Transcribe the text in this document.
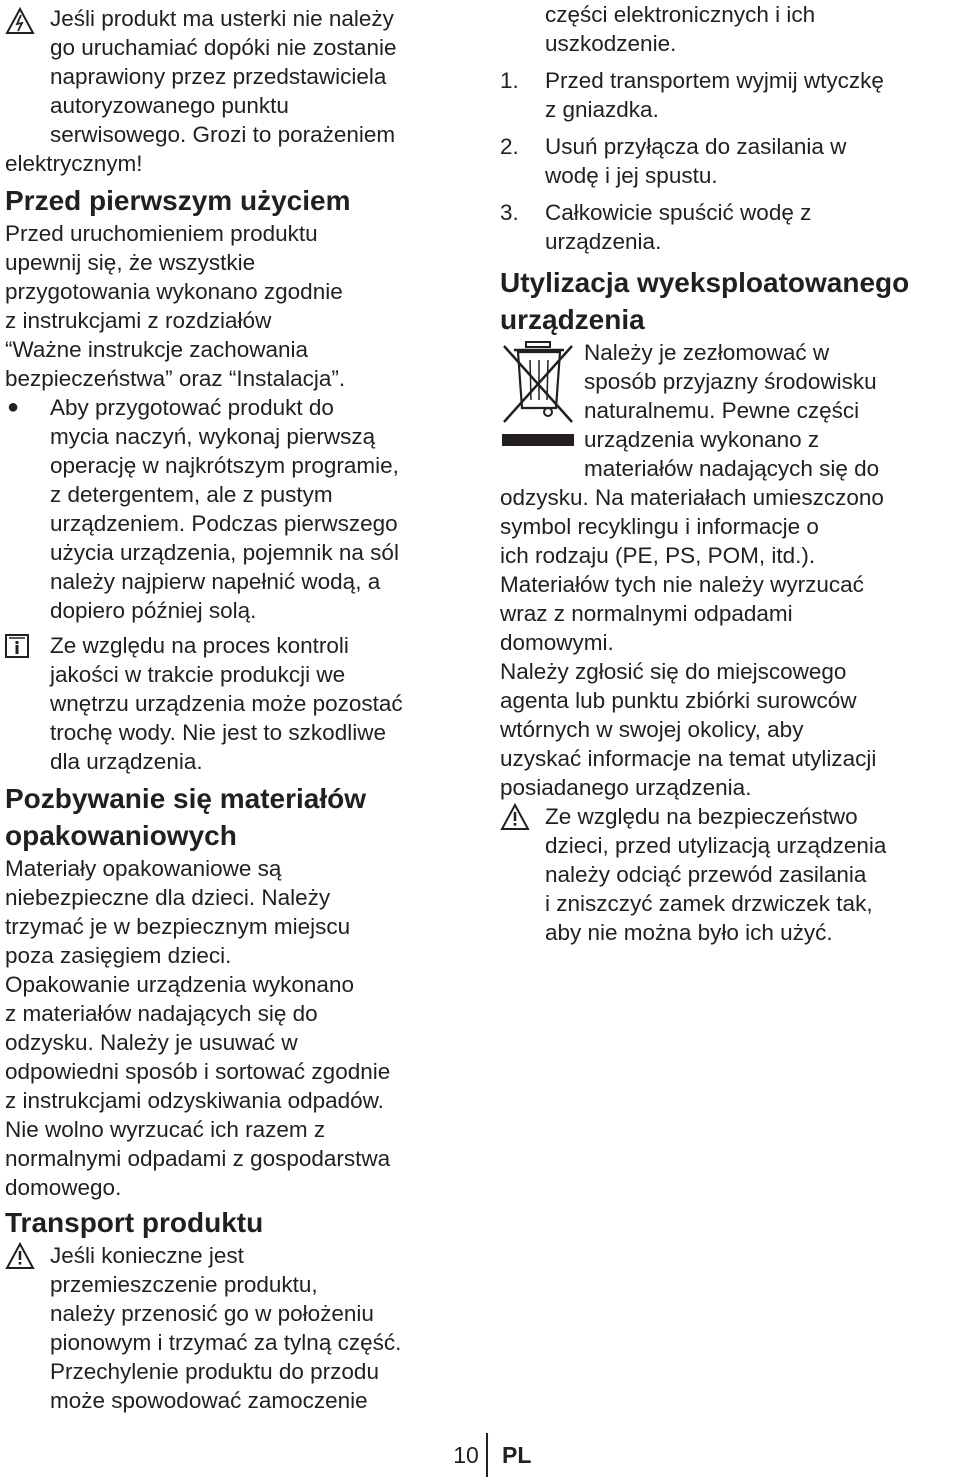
Jeśli produkt ma usterki nie należy

go uruchamiać dopóki nie zostanie

naprawiony przez przedstawiciela

autoryzowanego punktu

serwisowego. Grozi to porażeniem

elektrycznym!

Przed pierwszym użyciem

Przed uruchomieniem produktu

upewnij się, że wszystkie

przygotowania wykonano zgodnie

z instrukcjami z rozdziałów

“Ważne instrukcje zachowania

bezpieczeństwa” oraz “Instalacja”.

●	Aby przygotować produkt do

mycia naczyń, wykonaj pierwszą

operację w najkrótszym programie,

z detergentem, ale z pustym

urządzeniem. Podczas pierwszego

użycia urządzenia, pojemnik na sól

należy najpierw napełnić wodą, a

dopiero później solą.

Ze względu na proces kontroli

jakości w trakcie produkcji we

wnętrzu urządzenia może pozostać

trochę wody. Nie jest to szkodliwe

dla urządzenia.

Pozbywanie się materiałów
opakowaniowych

Materiały opakowaniowe są

niebezpieczne dla dzieci. Należy

trzymać je w bezpiecznym miejscu

poza zasięgiem dzieci.

Opakowanie urządzenia wykonano

z materiałów nadających się do

odzysku. Należy je usuwać w

odpowiedni sposób i sortować zgodnie

z instrukcjami odzyskiwania odpadów.

Nie wolno wyrzucać ich razem z

normalnymi odpadami z gospodarstwa

domowego.

Transport produktu

Jeśli konieczne jest

przemieszczenie produktu,

należy przenosić go w położeniu

pionowym i trzymać za tylną część.

Przechylenie produktu do przodu

może spowodować zamoczenie

części elektronicznych i ich

uszkodzenie.

1.	Przed transportem wyjmij wtyczkę

z gniazdka.

2.	Usuń przyłącza do zasilania w

wodę i jej spustu.

3.	Całkowicie spuścić wodę z

urządzenia.

Utylizacja wyeksploatowanego
urządzenia

Należy je zezłomować w

sposób przyjazny środowisku

naturalnemu. Pewne części

urządzenia wykonano z

materiałów nadających się do

odzysku. Na materiałach umieszczono

symbol recyklingu i informacje o

ich rodzaju (PE, PS, POM, itd.).

Materiałów tych nie należy wyrzucać

wraz z normalnymi odpadami

domowymi.

Należy zgłosić się do miejscowego

agenta lub punktu zbiórki surowców

wtórnych w swojej okolicy, aby

uzyskać informacje na temat utylizacji

posiadanego urządzenia.

Ze względu na bezpieczeństwo

dzieci, przed utylizacją urządzenia

należy odciąć przewód zasilania

i zniszczyć zamek drzwiczek tak,

aby nie można było ich użyć.

10	PL
